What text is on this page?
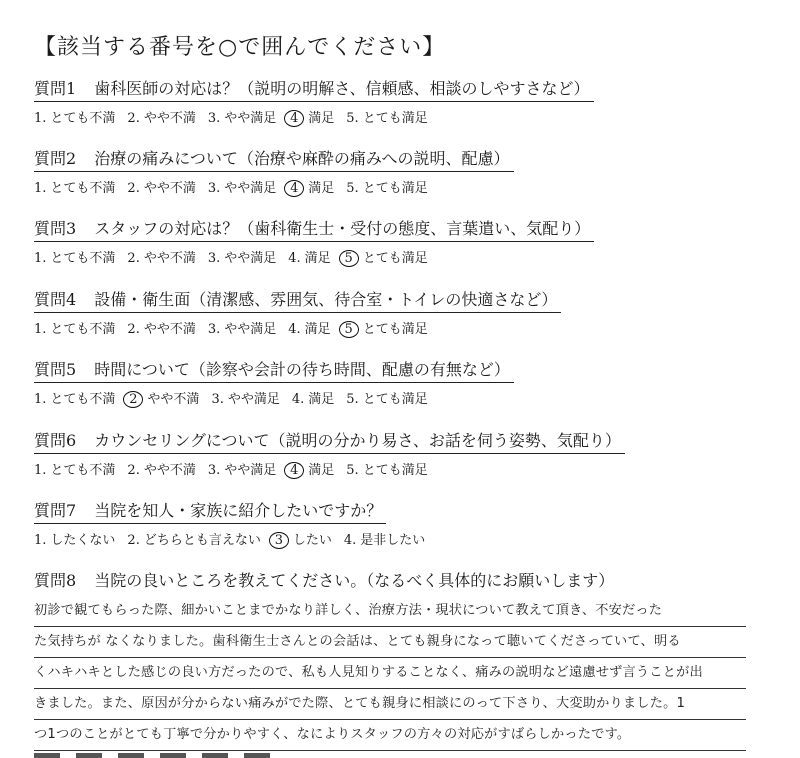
【該当する番号を○で囲んでください】
質問1 歯科医師の対応は？（説明の明解さ、信頼感、相談のしやすさなど）
1. とても不満 2. やや不満 3. やや満足 4 満足 5. とても満足
質問2 治療の痛みについて（治療や麻酔の痛みへの説明、配慮）
1. とても不満 2. やや不満 3. やや満足 4 満足 5. とても満足
質問3 スタッフの対応は？（歯科衛生士・受付の態度、言葉遣い、気配り）
1. とても不満 2. やや不満 3. やや満足 4. 満足 5 とても満足
質問4 設備・衛生面（清潔感、雰囲気、待合室・トイレの快適さなど）
1. とても不満 2. やや不満 3. やや満足 4. 満足 5 とても満足
質問5 時間について（診察や会計の待ち時間、配慮の有無など）
1. とても不満 2 やや不満 3. やや満足 4. 満足 5. とても満足
質問6 カウンセリングについて（説明の分かり易さ、お話を伺う姿勢、気配り）
1. とても不満 2. やや不満 3. やや満足 4 満足 5. とても満足
質問7 当院を知人・家族に紹介したいですか？
1. したくない 2. どちらとも言えない 3 したい 4. 是非したい
質問8 当院の良いところを教えてください。（なるべく具体的にお願いします）
初診で観てもらった際、細かいことまでかなり詳しく、治療方法・現状について教えて頂き、不安だった
た気持ちが なくなりました。歯科衛生士さんとの会話は、とても親身になって聴いてくださっていて、明る
くハキハキとした感じの良い方だったので、私も人見知りすることなく、痛みの説明など遠慮せず言うことが出
きました。また、原因が分からない痛みがでた際、とても親身に相談にのって下さり、大変助かりました。1
つ1つのことがとても丁寧で分かりやすく、なによりスタッフの方々の対応がすばらしかったです。
